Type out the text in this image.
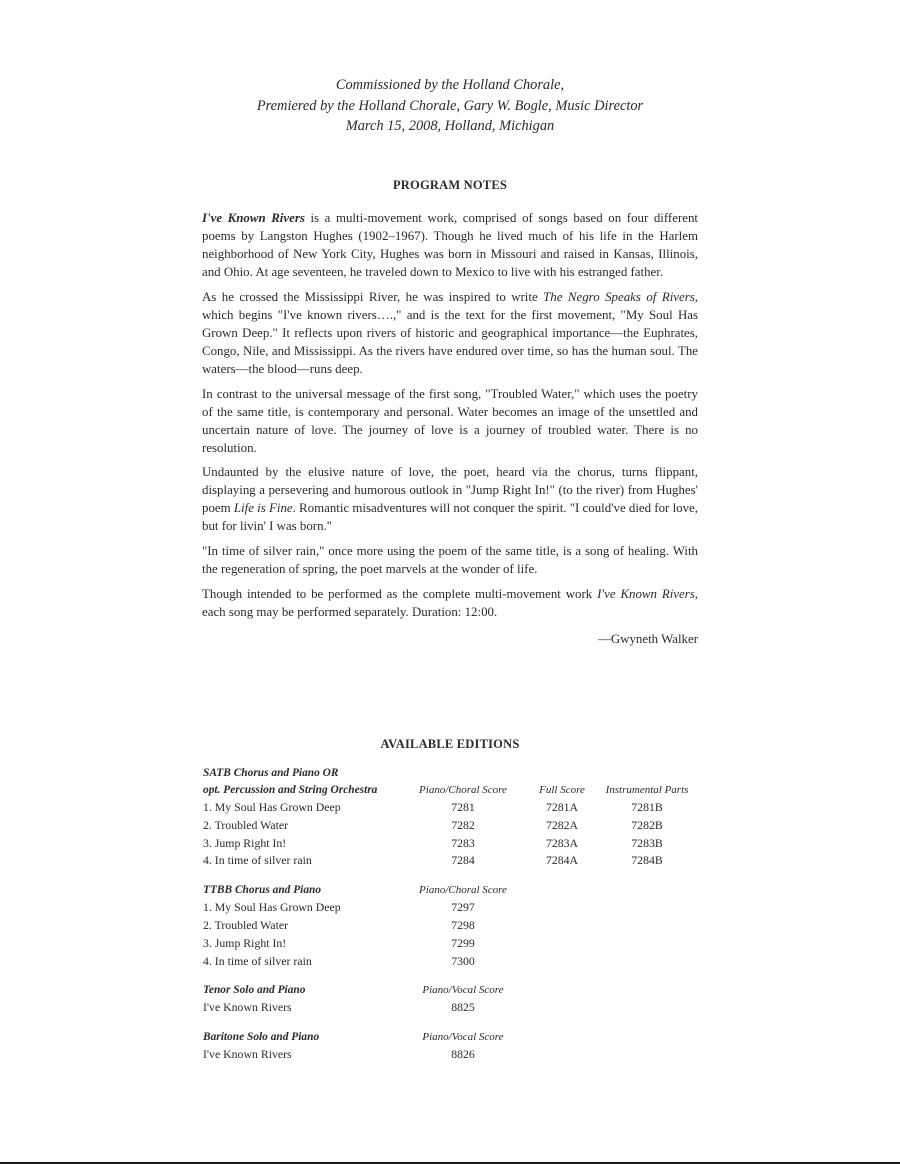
Commissioned by the Holland Chorale,
Premiered by the Holland Chorale, Gary W. Bogle, Music Director
March 15, 2008, Holland, Michigan
PROGRAM NOTES

I've Known Rivers is a multi-movement work, comprised of songs based on four different poems by Langston Hughes (1902–1967). Though he lived much of his life in the Harlem neighborhood of New York City, Hughes was born in Missouri and raised in Kansas, Illinois, and Ohio. At age seventeen, he traveled down to Mexico to live with his estranged father.

As he crossed the Mississippi River, he was inspired to write The Negro Speaks of Rivers, which begins "I've known rivers….," and is the text for the first movement, "My Soul Has Grown Deep." It reflects upon rivers of historic and geographical importance—the Euphrates, Congo, Nile, and Mississippi. As the rivers have endured over time, so has the human soul. The waters—the blood—runs deep.

In contrast to the universal message of the first song, "Troubled Water," which uses the poetry of the same title, is contemporary and personal. Water becomes an image of the unsettled and uncertain nature of love. The journey of love is a journey of troubled water. There is no resolution.

Undaunted by the elusive nature of love, the poet, heard via the chorus, turns flippant, displaying a persevering and humorous outlook in "Jump Right In!" (to the river) from Hughes' poem Life is Fine. Romantic misadventures will not conquer the spirit. "I could've died for love, but for livin' I was born."

"In time of silver rain," once more using the poem of the same title, is a song of healing. With the regeneration of spring, the poet marvels at the wonder of life.

Though intended to be performed as the complete multi-movement work I've Known Rivers, each song may be performed separately. Duration: 12:00.

—Gwyneth Walker
AVAILABLE EDITIONS
SATB Chorus and Piano OR
opt. Percussion and String Orchestra	Piano/Choral Score	Full Score	Instrumental Parts
1. My Soul Has Grown Deep	7281	7281A	7281B
2. Troubled Water	7282	7282A	7282B
3. Jump Right In!	7283	7283A	7283B
4. In time of silver rain	7284	7284A	7284B
TTBB Chorus and Piano	Piano/Choral Score
1. My Soul Has Grown Deep	7297
2. Troubled Water	7298
3. Jump Right In!	7299
4. In time of silver rain	7300
Tenor Solo and Piano	Piano/Vocal Score
I've Known Rivers	8825
Baritone Solo and Piano	Piano/Vocal Score
I've Known Rivers	8826
